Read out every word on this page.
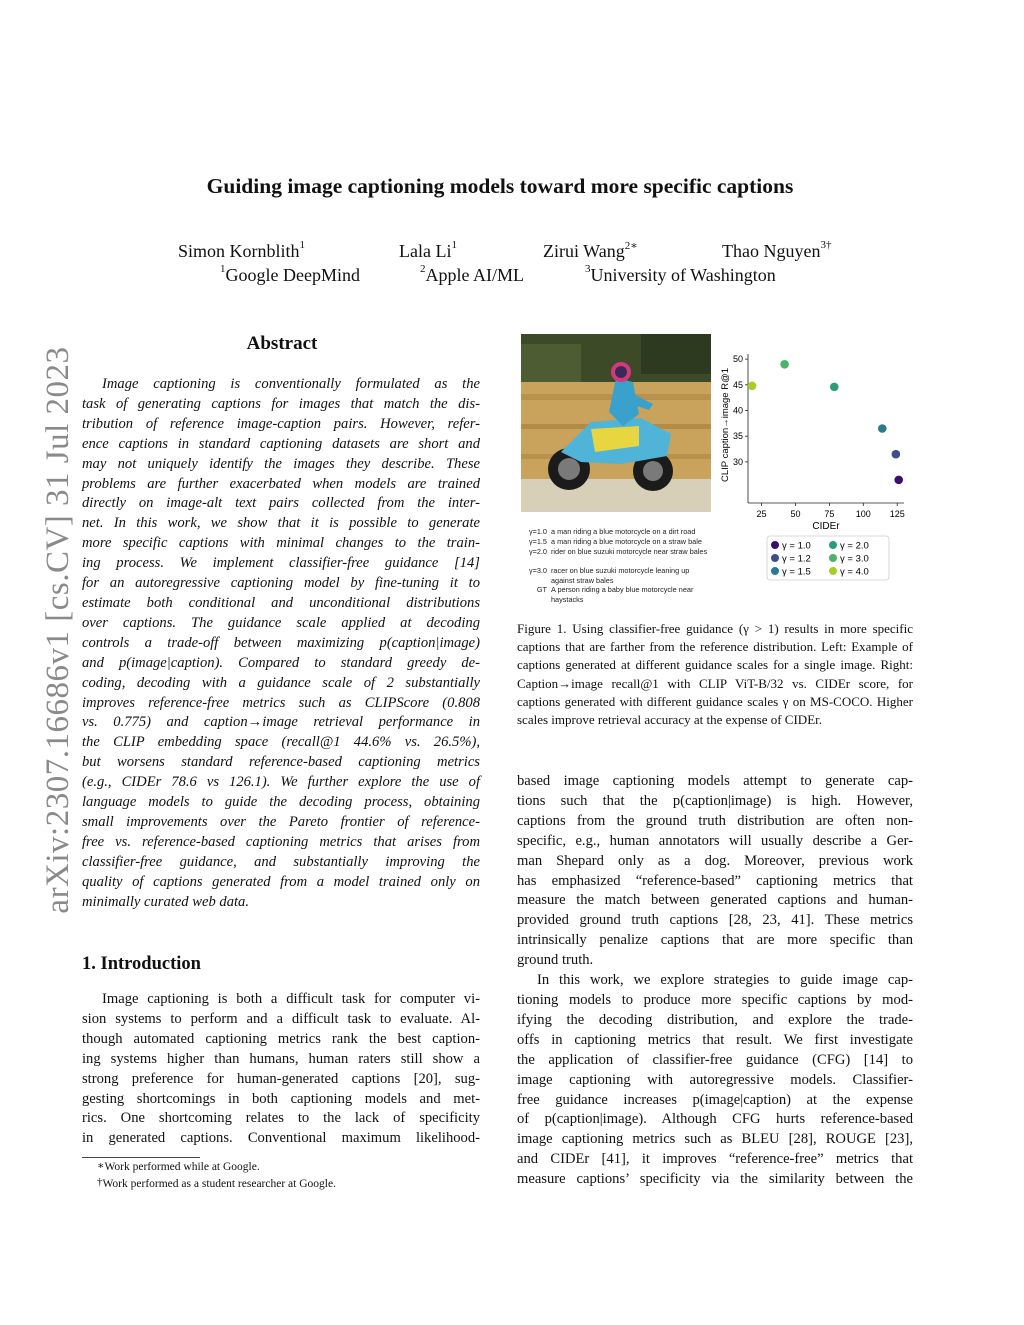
arXiv:2307.16686v1 [cs.CV] 31 Jul 2023
Guiding image captioning models toward more specific captions
Simon Kornblith$^1$	Lala Li$^1$	Zirui Wang$^{2∗}$	Thao Nguyen$^{3\dagger}$
$^1$Google DeepMind	$^2$Apple AI/ML	$^3$University of Washington
Abstract
Image captioning is conventionally formulated as the
task of generating captions for images that match the dis-
tribution of reference image-caption pairs. However, refer-
ence captions in standard captioning datasets are short and
may not uniquely identify the images they describe. These
problems are further exacerbated when models are trained
directly on image-alt text pairs collected from the inter-
net. In this work, we show that it is possible to generate
more specific captions with minimal changes to the train-
ing process. We implement classifier-free guidance [14]
for an autoregressive captioning model by fine-tuning it to
estimate both conditional and unconditional distributions
over captions. The guidance scale applied at decoding
controls a trade-off between maximizing p(caption|image)
and p(image|caption). Compared to standard greedy de-
coding, decoding with a guidance scale of 2 substantially
improves reference-free metrics such as CLIPScore (0.808
vs. 0.775) and caption→image retrieval performance in
the CLIP embedding space (recall@1 44.6% vs. 26.5%),
but worsens standard reference-based captioning metrics
(e.g., CIDEr 78.6 vs 126.1). We further explore the use of
language models to guide the decoding process, obtaining
small improvements over the Pareto frontier of reference-
free vs. reference-based captioning metrics that arises from
classifier-free guidance, and substantially improving the
quality of captions generated from a model trained only on
minimally curated web data.
1. Introduction
Image captioning is both a difficult task for computer vi-
sion systems to perform and a difficult task to evaluate. Al-
though automated captioning metrics rank the best caption-
ing systems higher than humans, human raters still show a
strong preference for human-generated captions [20], sug-
gesting shortcomings in both captioning models and met-
rics. One shortcoming relates to the lack of specificity
in generated captions. Conventional maximum likelihood-
∗Work performed while at Google.
†Work performed as a student researcher at Google.
γ=1.0 a man riding a blue motorcycle on a dirt road
γ=1.5 a man riding a blue motorcycle on a straw bale
γ=2.0 rider on blue suzuki motorcycle near straw bales
γ=3.0 racer on blue suzuki motorcycle leaning up against straw bales
GT A person riding a baby blue motorcycle near haystacks
30
35
40
45
50
25	50	75 100 125
γ = 1.0
γ = 1.2
γ = 1.5
γ = 2.0
γ = 3.0
γ = 4.0
CIDEr
CLIP caption→image R@1
Figure 1. Using classifier-free guidance (γ > 1) results in more specific captions that are farther from the reference distribution. Left: Example of captions generated at different guidance scales for a single image. Right: Caption→image recall@1 with CLIP ViT-B/32 vs. CIDEr score, for captions generated with different guidance scales γ on MS-COCO. Higher scales improve retrieval accuracy at the expense of CIDEr.
based image captioning models attempt to generate cap-
tions such that the p(caption|image) is high. However,
captions from the ground truth distribution are often non-
specific, e.g., human annotators will usually describe a Ger-
man Shepard only as a dog. Moreover, previous work
has emphasized “reference-based” captioning metrics that
measure the match between generated captions and human-
provided ground truth captions [28, 23, 41]. These metrics
intrinsically penalize captions that are more specific than
ground truth.
In this work, we explore strategies to guide image cap-
tioning models to produce more specific captions by mod-
ifying the decoding distribution, and explore the trade-
offs in captioning metrics that result. We first investigate
the application of classifier-free guidance (CFG) [14] to
image captioning with autoregressive models. Classifier-
free guidance increases p(image|caption) at the expense
of p(caption|image). Although CFG hurts reference-based
image captioning metrics such as BLEU [28], ROUGE [23],
and CIDEr [41], it improves “reference-free” metrics that
measure captions’ specificity via the similarity between the
